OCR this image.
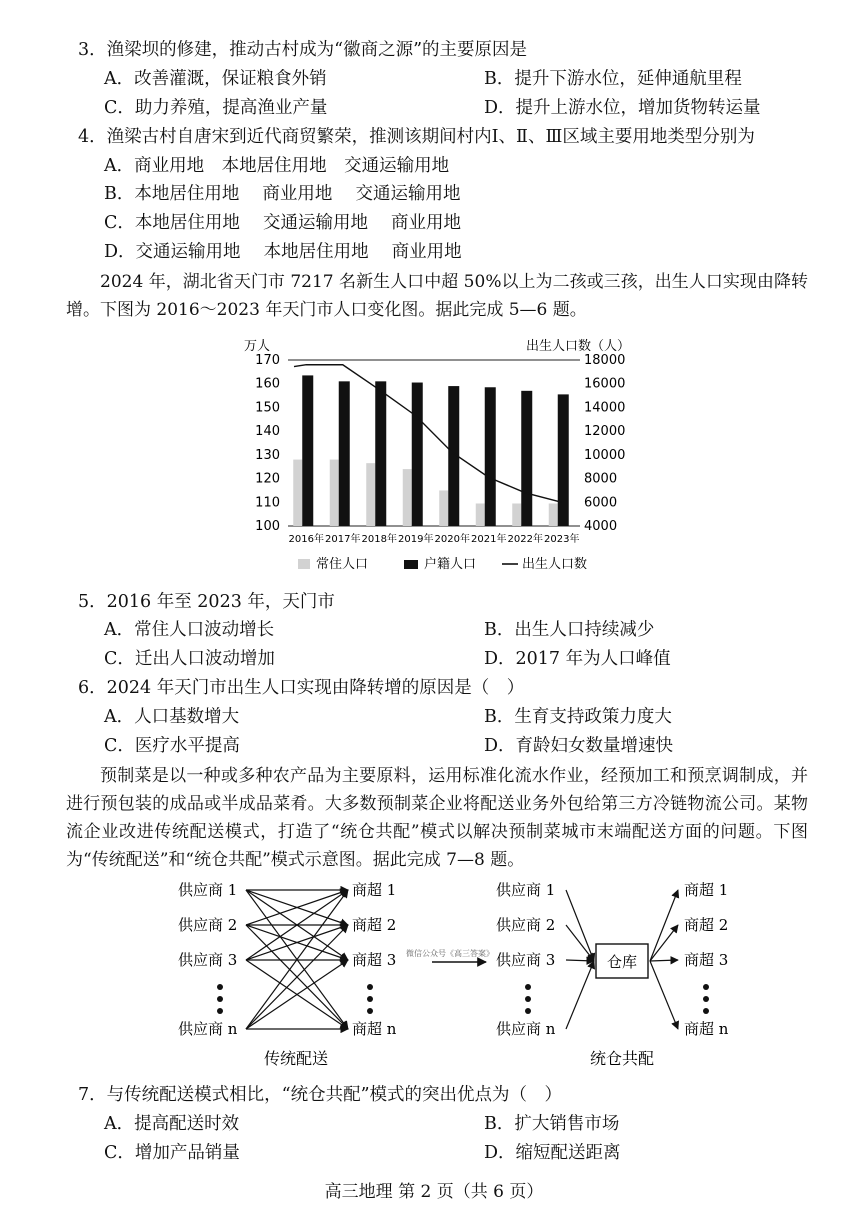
3．渔梁坝的修建，推动古村成为“徽商之源”的主要原因是
A．改善灌溉，保证粮食外销	B．提升下游水位，延伸通航里程
C．助力养殖，提高渔业产量	D．提升上游水位，增加货物转运量
4．渔梁古村自唐宋到近代商贸繁荣，推测该期间村内Ⅰ、Ⅱ、Ⅲ区域主要用地类型分别为
A．商业用地　本地居住用地　交通运输用地
B．本地居住用地　 商业用地　 交通运输用地
C．本地居住用地　 交通运输用地　 商业用地
D．交通运输用地　 本地居住用地　 商业用地
2024 年，湖北省天门市 7217 名新生人口中超 50%以上为二孩或三孩，出生人口实现由降转增。下图为 2016～2023 年天门市人口变化图。据此完成 5—6 题。
万人	出生人口数（人）
100
110
120
130
140
150
160
170
4000
6000
8000
10000
12000
14000
16000
18000
2016年 2017年 2018年 2019年 2020年 2021年 2022年 2023年
常住人口	户籍人口	出生人口数
5．2016 年至 2023 年，天门市
A．常住人口波动增长	B．出生人口持续减少
C．迁出人口波动增加	D．2017 年为人口峰值
6．2024 年天门市出生人口实现由降转增的原因是（　）
A．人口基数增大	B．生育支持政策力度大
C．医疗水平提高	D．育龄妇女数量增速快
预制菜是以一种或多种农产品为主要原料，运用标准化流水作业，经预加工和预烹调制成，并进行预包装的成品或半成品菜肴。大多数预制菜企业将配送业务外包给第三方冷链物流公司。某物流企业改进传统配送模式，打造了“统仓共配”模式以解决预制菜城市末端配送方面的问题。下图为“传统配送”和“统仓共配”模式示意图。据此完成 7—8 题。
供应商 1
供应商 2
供应商 3
供应商 n
商超 1
商超 2
商超 3
商超 n
传统配送
微信公众号《高三答案》
供应商 1
供应商 2
供应商 3
供应商 n
仓库
商超 1
商超 2
商超 3
商超 n
统仓共配
7．与传统配送模式相比，“统仓共配”模式的突出优点为（　）
A．提高配送时效	B．扩大销售市场
C．增加产品销量	D．缩短配送距离
高三地理 第 2 页（共 6 页）
